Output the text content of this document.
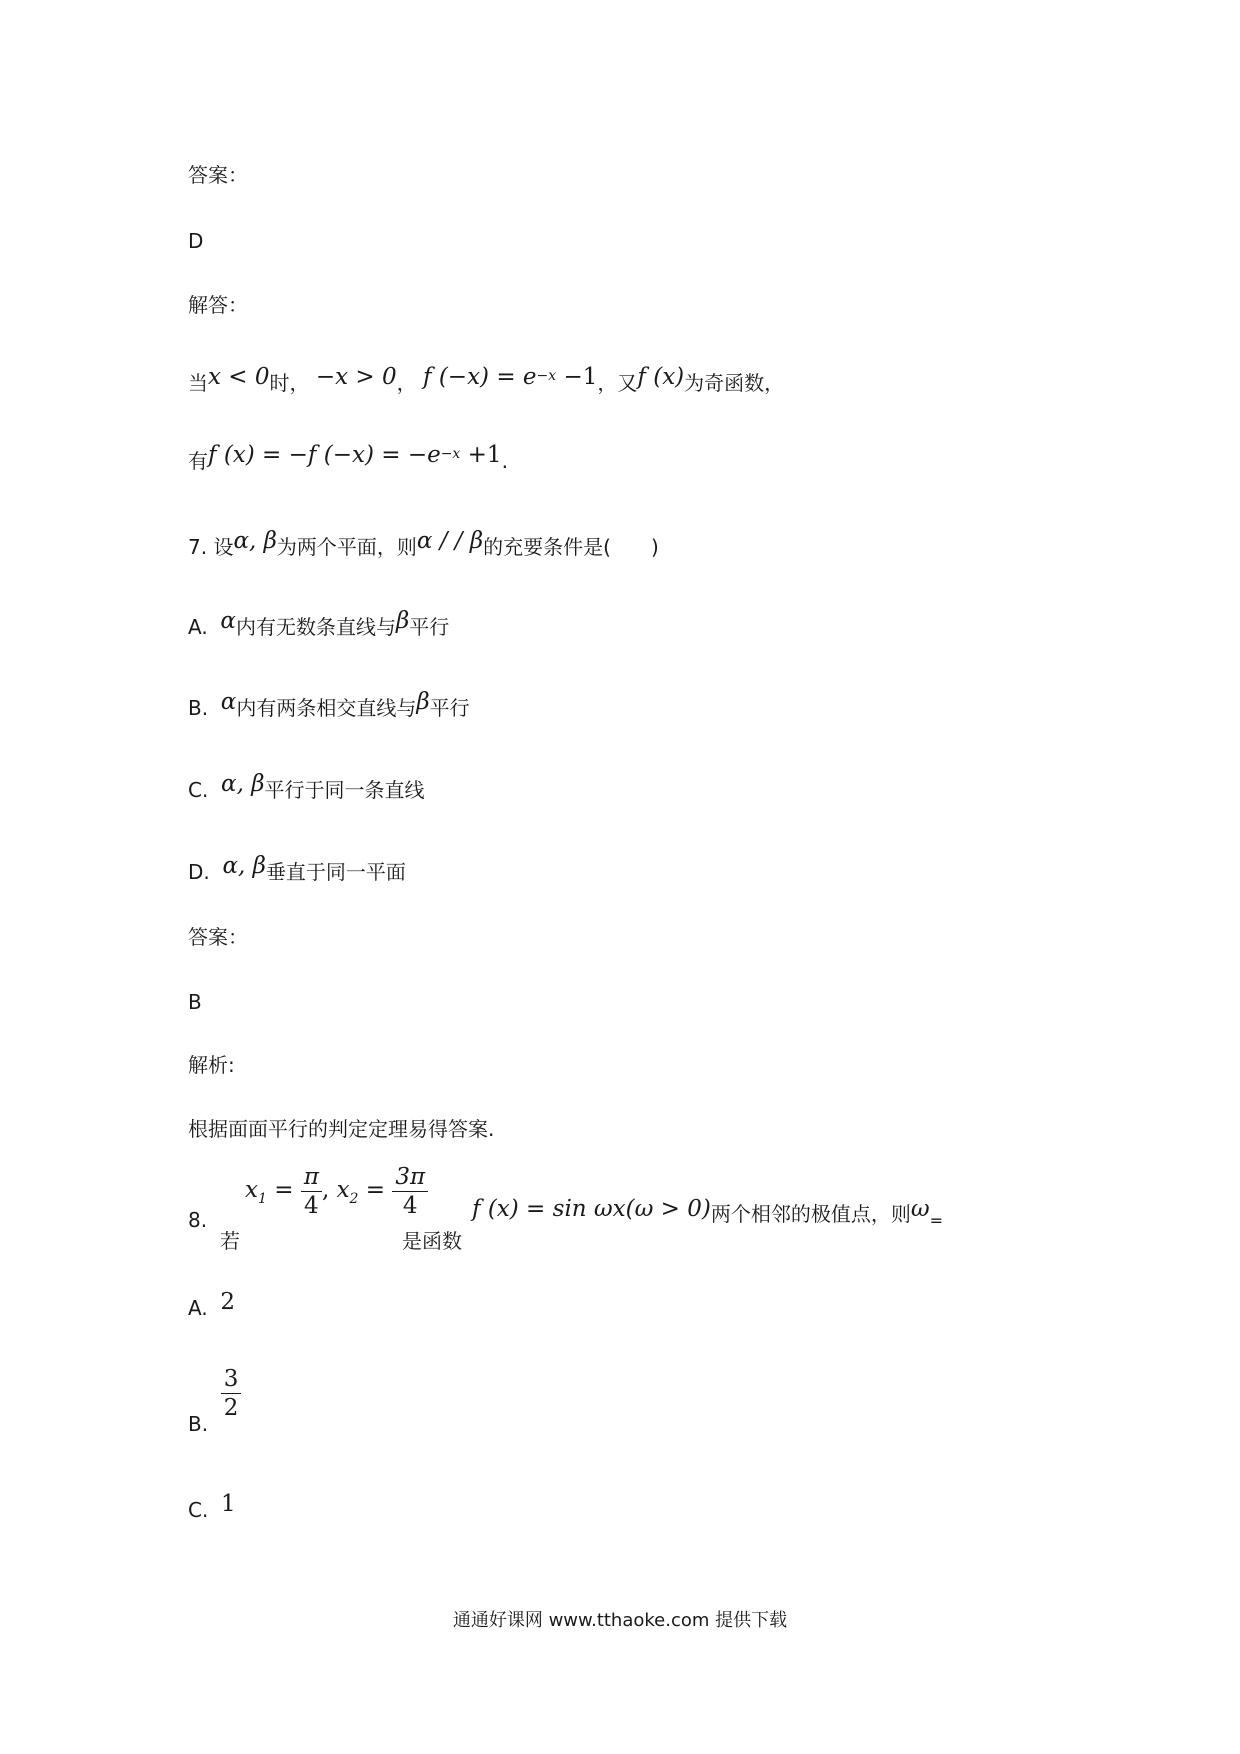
答案：
D
解答：
当x < 0时， −x > 0， f $(-x) = e^{-x} -1$，又f (x)为奇函数，
有f (x) = −f $(-x) = -e^{-x} +1$.
7. 设α, β为两个平面，则α / / β的充要条件是(　　)
A. α内有无数条直线与β平行
B. α内有两条相交直线与β平行
C. α, β平行于同一条直线
D. α, β垂直于同一平面
答案：
B
解析:
根据面面平行的判定定理易得答案.
8.
若
$x_1 = \frac{\pi}{4}$ , $x_2 = \frac{3\pi}{4}$
是函数
f (x) = sin ωx(ω > 0)两个相邻的极值点，则$\omega_=$
A. 2
B.
$\frac{3}{2}$
C. 1
通通好课网 www.tthaoke.com 提供下载
